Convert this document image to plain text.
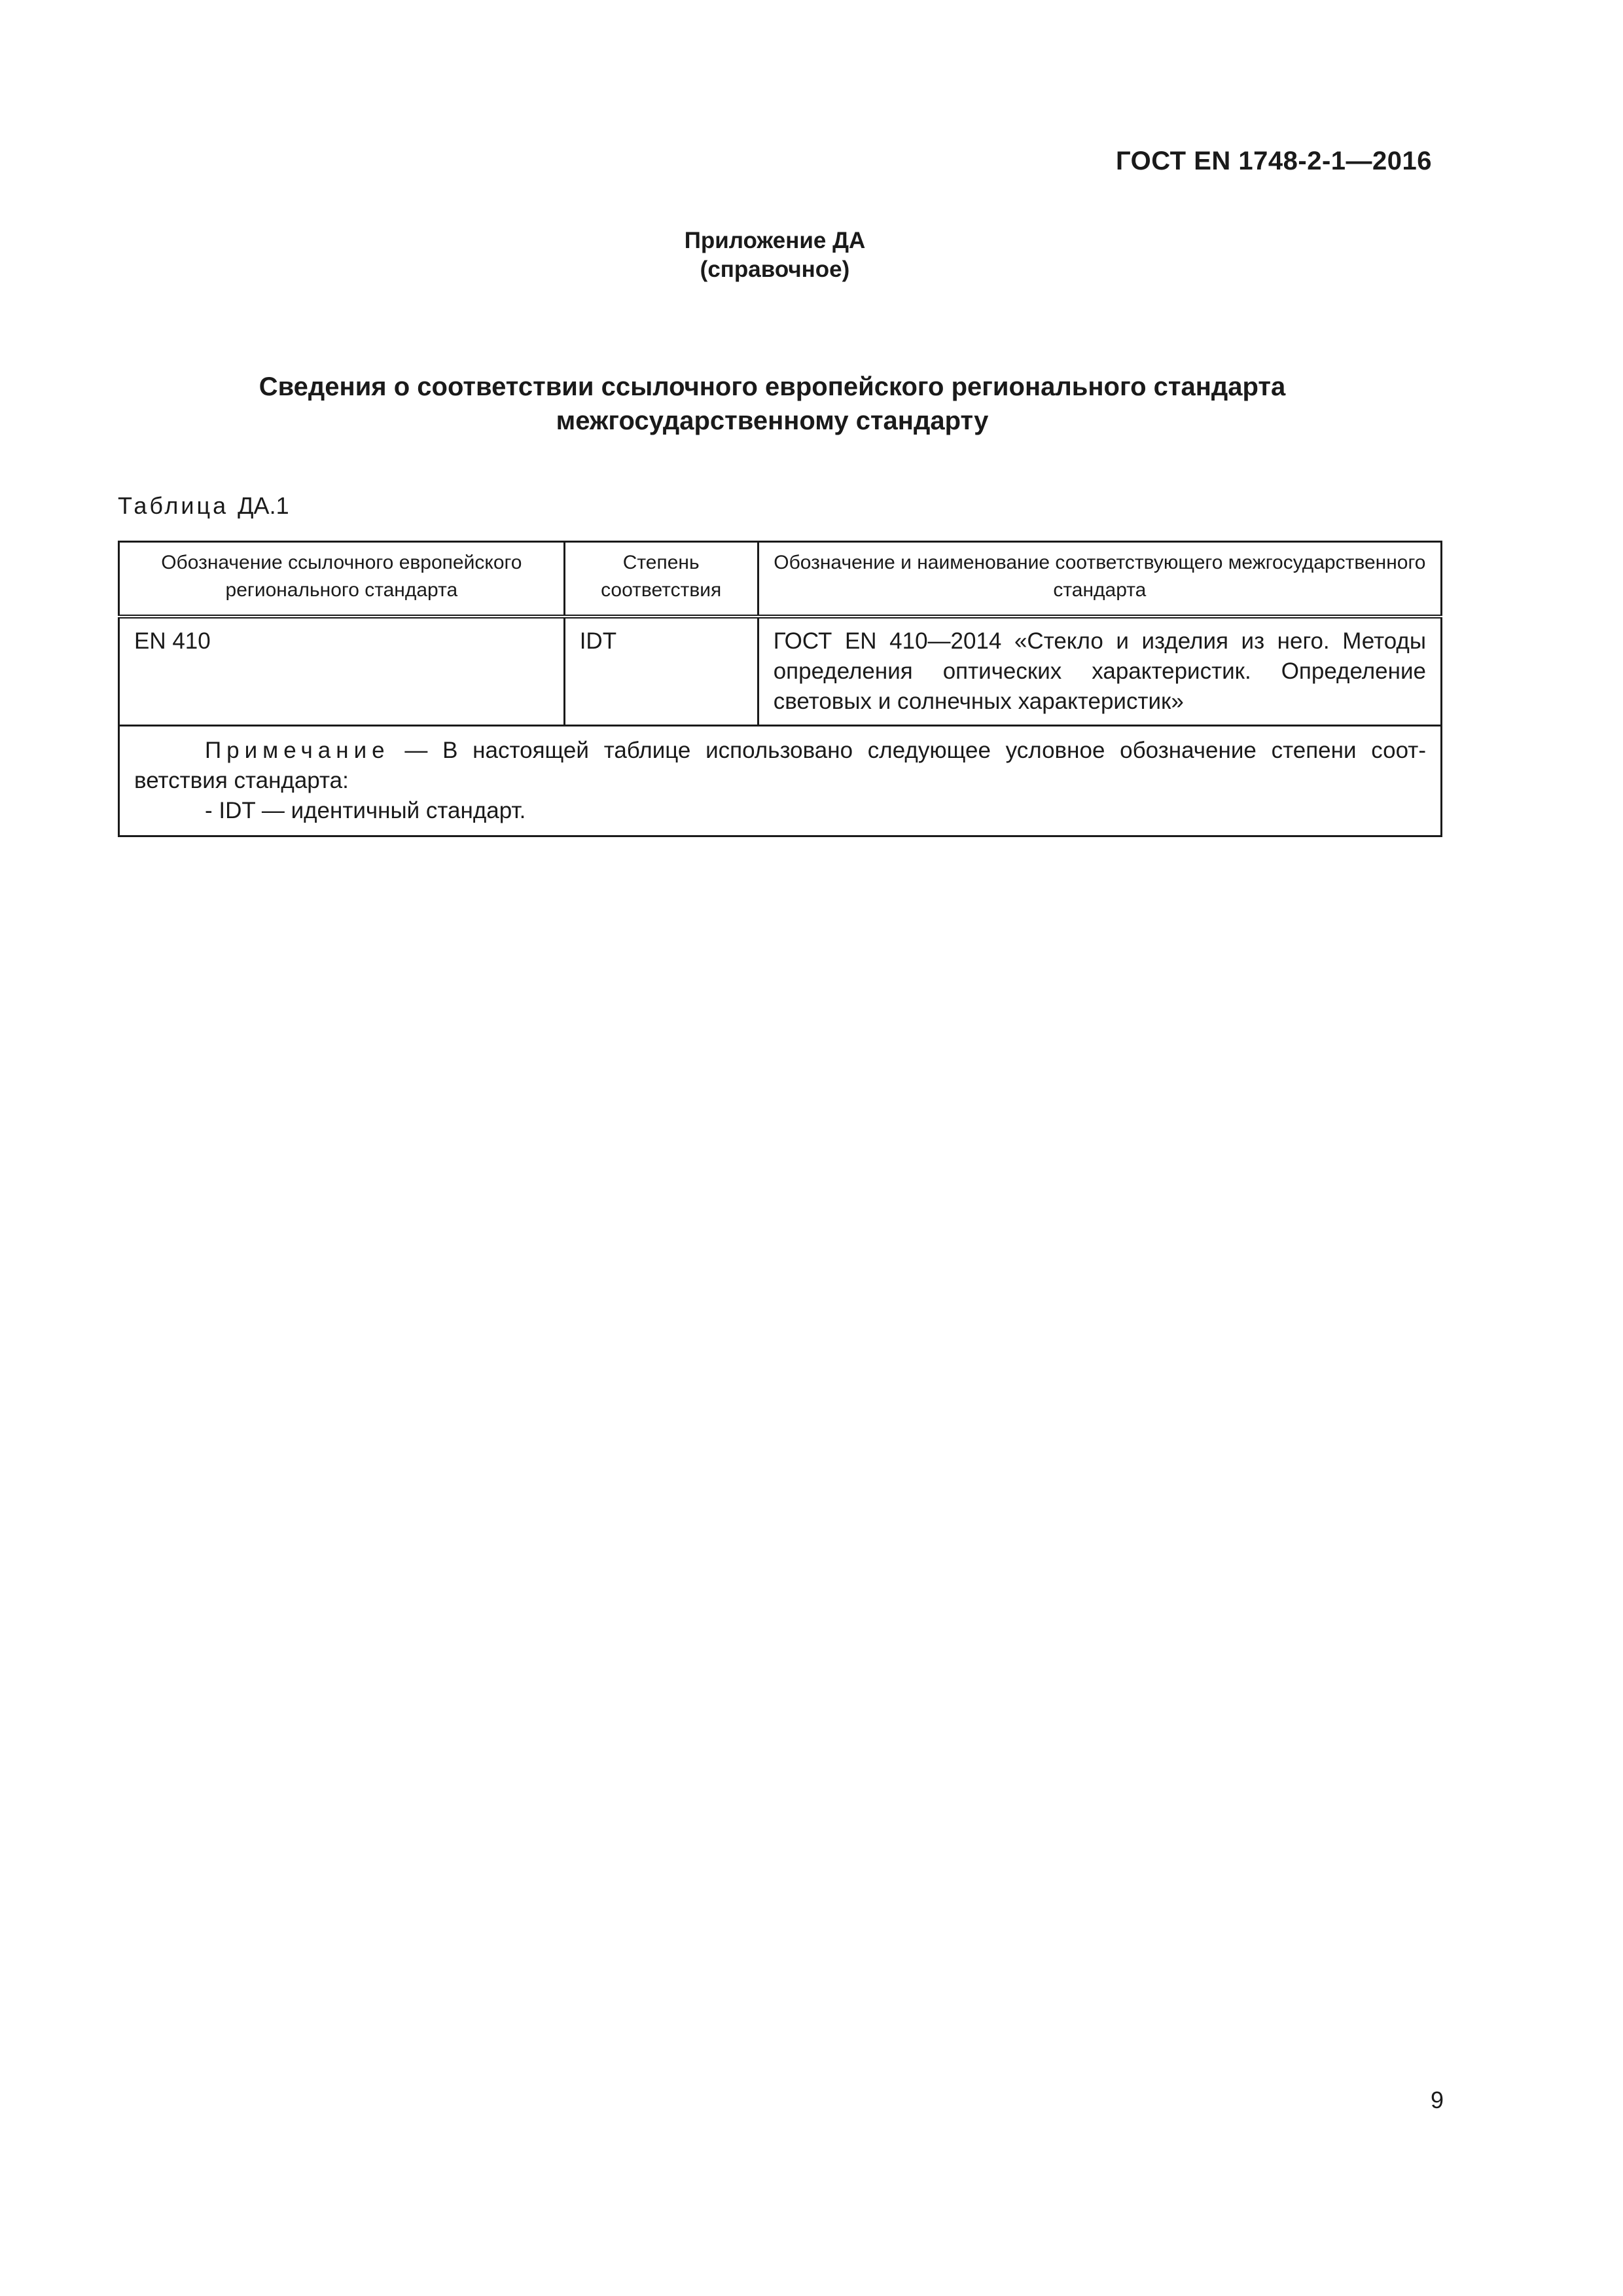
ГОСТ EN 1748-2-1—2016
Приложение ДА
(справочное)
Сведения о соответствии ссылочного европейского регионального стандарта
межгосударственному стандарту
Таблица ДА.1
Обозначение ссылочного европейского регионального стандарта	Степень соответствия	Обозначение и наименование соответствующего межгосударственного стандарта
EN 410	IDT	ГОСТ EN 410—2014 «Стекло и изделия из него. Методы определения оптических характеристик. Определение световых и солнечных характеристик»

Примечание — В настоящей таблице использовано следующее условное обозначение степени соот-
ветствия стандарта:
- IDT — идентичный стандарт.		
9
